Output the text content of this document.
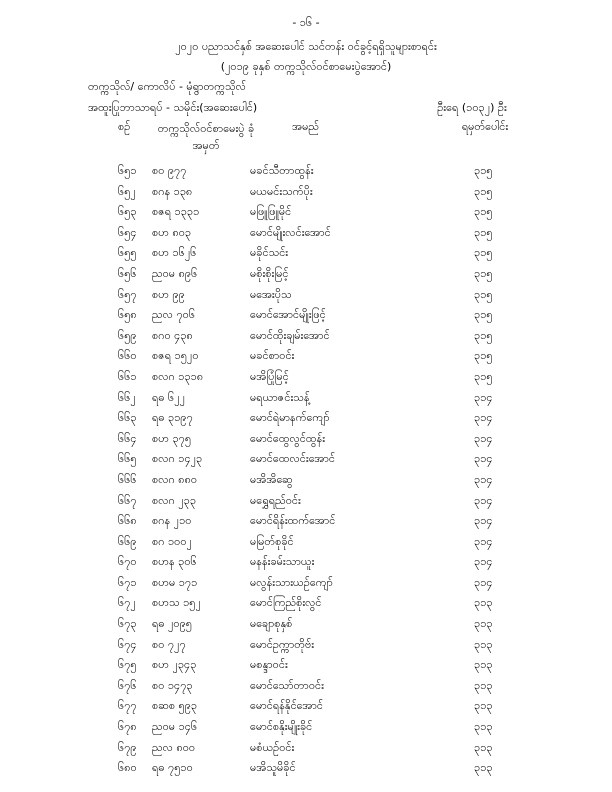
- ၁၆ -
၂၀၂၀ ပညာသင်နှစ် အဆေးပေါင် သင်တန်း ဝင်ခွင့်ရရှိသူများစာရင်း
(၂၀၁၉ ခုနှစ် တက္ကသိုလ်ဝင်စာမေးပွဲအောင်)
တက္ကသိုလ်/ ကောလိပ် - မုံရွာတက္ကသိုလ်
အထူးပြုဘာသာရပ် - သမိုင်း(အဆေးပေါင်)	ဦးရေ (၁၀၃၂) ဦး
စဉ်	တက္ကသိုလ်ဝင်စာမေးပွဲ ခုံအမှတ်
အမည်	ရမှတ်ပေါင်း
၆၅၁ စဝ ၉၇၇	မခင်သီတာထွန်း	၃၁၅
၆၅၂ စဂန ၁၃၈	မယမင်းသက်ပိုး	၃၁၅
၆၅၃ စဇရ ၁၃၃၁	မဖြူဖြူမိုင်	၃၁၅
၆၅၄ စဟ ၈၀၃	မောင်မျိုးလင်းအောင်	၃၁၅
၆၅၅ စဟ ၁၆၂၆	မခိုင်သင်း	၃၁၅
၆၅၆ ညဝမ ၈၉၆	မစိုးစိုးမြင့်	၃၁၅
၆၅၇ စဟ ၉၉	မအေးပိုသ	၃၁၅
၆၅၈ ညလ ၇၀၆	မောင်အောင်မျိုးဖြင့်	၃၁၅
၆၅၉ စဂဝ ၄၃၈	မောင်ထိုးချမ်းအောင်	၃၁၅
၆၆၀ စဇရ ၁၅၂၀	မခင်စာဝင်း	၃၁၅
၆၆၁ စလဂ ၁၃၁၈	မအိပြုံမြင့်	၃၁၅
၆၆၂ ရဓ ၆၂၂	မရယာဇင်းသန့်	၃၁၄
၆၆၃ ရဓ ၃၁၉၇	မောင်ရဲမာနက်ကျော်	၃၁၄
၆၆၄ စဟ ၃၇၅	မောင်ထွေလွင်ထွန်း	၃၁၄
၆၆၅ စလဂ ၁၄၂၃	မောင်ထေလင်းအောင်	၃၁၄
၆၆၆ စလဂ ၈၈၀	မအိအိဆွေ	၃၁၄
၆၆၇ စလဂ ၂၃၃	မရွှေရည်ဝင်း	၃၁၄
၆၆၈ စဂန ၂၁၀	မောင်ရိန်းထက်အောင်	၃၁၄
၆၆၉ စဂ ၁၀၀၂	မမြတ်စုခိုင်	၃၁၄
၆၇၀ စဟန ၃၀၆	မနန်းခမ်းသာယူး	၃၁၄
၆၇၁ စဟမ ၁၇၁	မလွန်းသားယဥ်ကျော်	၃၁၄
၆၇၂ စဟသ ၁၅၂	မောင်ကြည်စိုးလွင်	၃၁၃
၆၇၃ ရဓ ၂၀၉၅	မချောစုနှစ်	၃၁၃
၆၇၄ စဝ ၇၂၇	မောင်ဥက္ကာတိုဗ်း	၃၁၃
၆၇၅ စဟ ၂၃၄၃	မစန္ဒာဝင်း	၃၁၃
၆၇၆ စဝ ၁၄၇၃	မောင်သော်တာဝင်း	၃၁၃
၆၇၇ စဆစ ၅၉၃	မောင်ရန်နိုင်အောင်	၃၁၃
၆၇၈ ညဝမ ၁၄၆	မောင်စနိုးမျိုးခိုင်	၃၁၃
၆၇၉ ညလ ၈၀၀	မစံယဉ်ဝင်း	၃၁၃
၆၈၀ ရဓ ၇၅၁၀	မအိသူမိခိုင်	၃၁၃
